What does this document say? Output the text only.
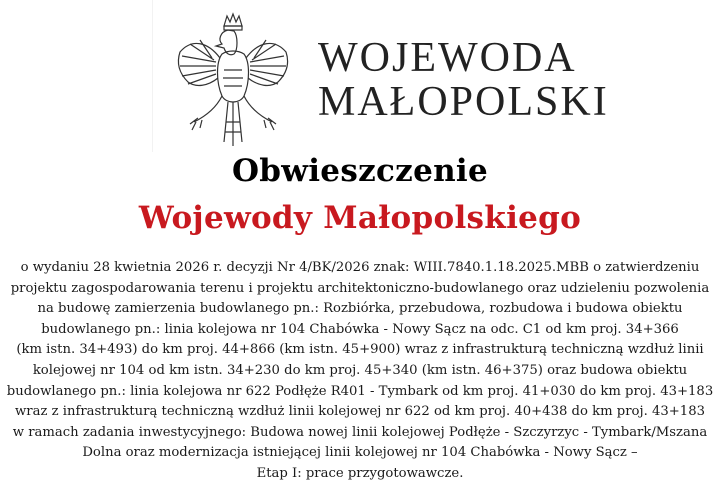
WOJEWODA
MAŁOPOLSKI
Obwieszczenie
Wojewody Małopolskiego
o wydaniu 28 kwietnia 2026 r. decyzji Nr 4/BK/2026 znak: WIII.7840.1.18.2025.MBB o zatwierdzeniu
projektu zagospodarowania terenu i projektu architektoniczno-budowlanego oraz udzieleniu pozwolenia
na budowę zamierzenia budowlanego pn.: Rozbiórka, przebudowa, rozbudowa i budowa obiektu
budowlanego pn.: linia kolejowa nr 104 Chabówka - Nowy Sącz na odc. C1 od km proj. 34+366
(km istn. 34+493) do km proj. 44+866 (km istn. 45+900) wraz z infrastrukturą techniczną wzdłuż linii
kolejowej nr 104 od km istn. 34+230 do km proj. 45+340 (km istn. 46+375) oraz budowa obiektu
budowlanego pn.: linia kolejowa nr 622 Podłęże R401 - Tymbark od km proj. 41+030 do km proj. 43+183
wraz z infrastrukturą techniczną wzdłuż linii kolejowej nr 622 od km proj. 40+438 do km proj. 43+183
w ramach zadania inwestycyjnego: Budowa nowej linii kolejowej Podłęże - Szczyrzyc - Tymbark/Mszana
Dolna oraz modernizacja istniejącej linii kolejowej nr 104 Chabówka - Nowy Sącz –
Etap I: prace przygotowawcze.
